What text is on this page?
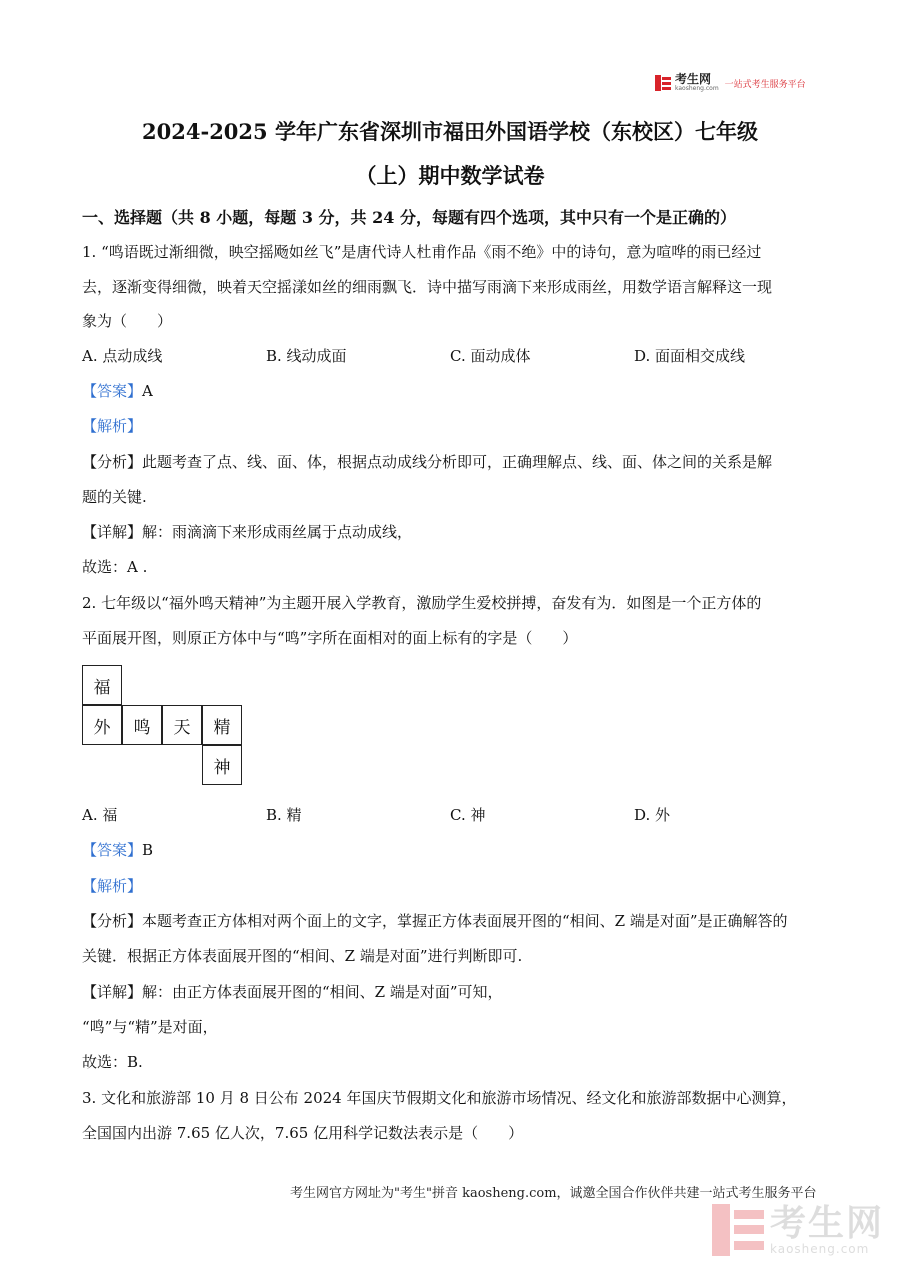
考生网
kaosheng.com 一站式考生服务平台
2024-2025 学年广东省深圳市福田外国语学校（东校区）七年级
（上）期中数学试卷
一、选择题（共 8 小题，每题 3 分，共 24 分，每题有四个选项，其中只有一个是正确的）
1. “鸣语既过渐细微，映空摇飏如丝飞”是唐代诗人杜甫作品《雨不绝》中的诗句，意为喧哗的雨已经过
去，逐渐变得细微，映着天空摇漾如丝的细雨飘飞．诗中描写雨滴下来形成雨丝，用数学语言解释这一现
象为（　　）
A. 点动成线	B. 线动成面	C. 面动成体	D. 面面相交成线
【答案】A
【解析】
【分析】此题考查了点、线、面、体，根据点动成线分析即可，正确理解点、线、面、体之间的关系是解
题的关键.
【详解】解：雨滴滴下来形成雨丝属于点动成线，
故选：A .
2. 七年级以“福外鸣天精神”为主题开展入学教育，激励学生爱校拼搏，奋发有为．如图是一个正方体的
平面展开图，则原正方体中与“鸣”字所在面相对的面上标有的字是（　　）
福
外	鸣	天	精
神
A. 福	B. 精	C. 神	D. 外
【答案】B
【解析】
【分析】本题考查正方体相对两个面上的文字，掌握正方体表面展开图的“相间、Z 端是对面”是正确解答的
关键．根据正方体表面展开图的“相间、Z 端是对面”进行判断即可.
【详解】解：由正方体表面展开图的“相间、Z 端是对面”可知，
“鸣”与“精”是对面，
故选：B.
3. 文化和旅游部 10 月 8 日公布 2024 年国庆节假期文化和旅游市场情况、经文化和旅游部数据中心测算，
全国国内出游 7.65 亿人次，7.65 亿用科学记数法表示是（　　）
考生网官方网址为"考生"拼音 kaosheng.com，诚邀全国合作伙伴共建一站式考生服务平台
考生网
kaosheng.com
